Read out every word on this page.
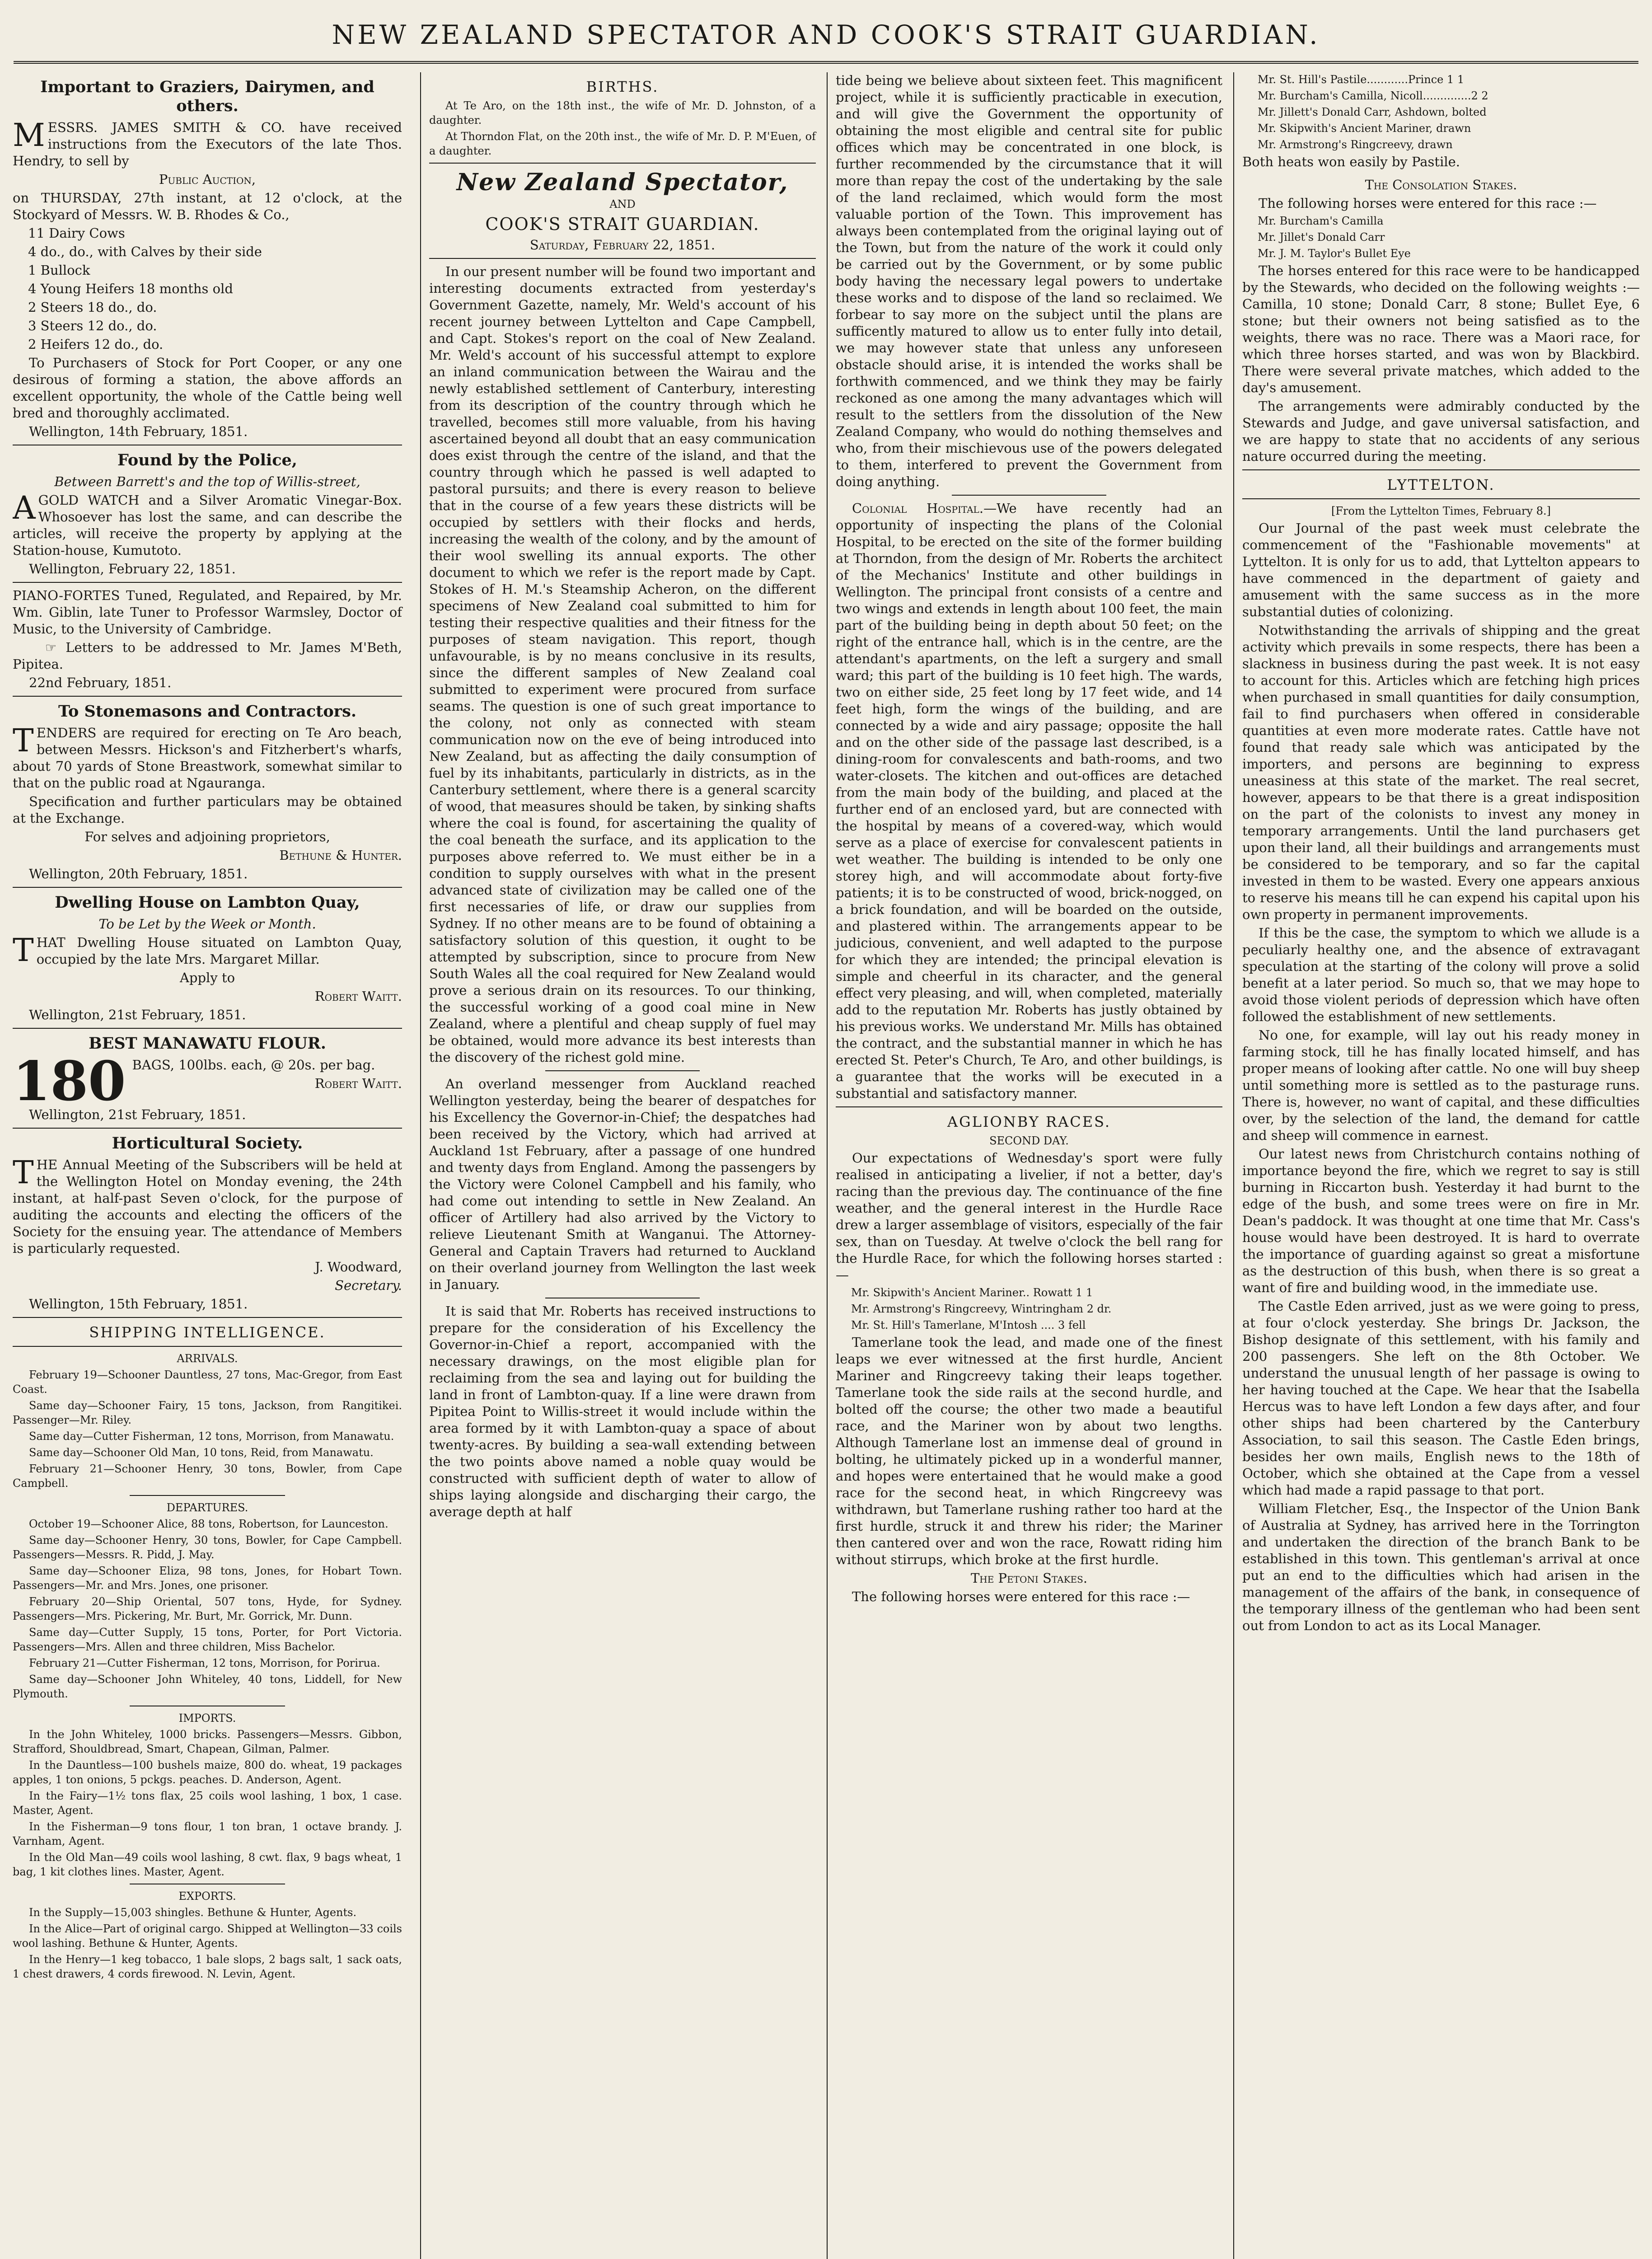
NEW ZEALAND SPECTATOR AND COOK'S STRAIT GUARDIAN.
Important to Graziers, Dairymen, and others.

MESSRS. JAMES SMITH & CO. have received instructions from the Executors of the late Thos. Hendry, to sell by

Public Auction,

on THURSDAY, 27th instant, at 12 o'clock, at the Stockyard of Messrs. W. B. Rhodes & Co.,

11 Dairy Cows

4 do., do., with Calves by their side

1 Bullock

4 Young Heifers 18 months old

2 Steers 18 do., do.

3 Steers 12 do., do.

2 Heifers 12 do., do.

To Purchasers of Stock for Port Cooper, or any one desirous of forming a station, the above affords an excellent opportunity, the whole of the Cattle being well bred and thoroughly acclimated.

Wellington, 14th February, 1851.

Found by the Police,

Between Barrett's and the top of Willis-street,

AGOLD WATCH and a Silver Aromatic Vinegar-Box. Whosoever has lost the same, and can describe the articles, will receive the property by applying at the Station-house, Kumutoto.

Wellington, February 22, 1851.

PIANO-FORTES Tuned, Regulated, and Repaired, by Mr. Wm. Giblin, late Tuner to Professor Warmsley, Doctor of Music, to the University of Cambridge.

☞ Letters to be addressed to Mr. James M'Beth, Pipitea.

22nd February, 1851.

To Stonemasons and Contractors.

TENDERS are required for erecting on Te Aro beach, between Messrs. Hickson's and Fitzherbert's wharfs, about 70 yards of Stone Breastwork, somewhat similar to that on the public road at Ngauranga.

Specification and further particulars may be obtained at the Exchange.

For selves and adjoining proprietors,

Bethune & Hunter.

Wellington, 20th February, 1851.

Dwelling House on Lambton Quay,

To be Let by the Week or Month.

THAT Dwelling House situated on Lambton Quay, occupied by the late Mrs. Margaret Millar.

Apply to

Robert Waitt.

Wellington, 21st February, 1851.

BEST MANAWATU FLOUR.

180 BAGS, 100lbs. each, @ 20s. per bag.

Robert Waitt.

Wellington, 21st February, 1851.

Horticultural Society.

THE Annual Meeting of the Subscribers will be held at the Wellington Hotel on Monday evening, the 24th instant, at half-past Seven o'clock, for the purpose of auditing the accounts and electing the officers of the Society for the ensuing year. The attendance of Members is particularly requested.

J. Woodward,

Secretary.

Wellington, 15th February, 1851.

SHIPPING INTELLIGENCE.

ARRIVALS.

February 19—Schooner Dauntless, 27 tons, Mac-Gregor, from East Coast.

Same day—Schooner Fairy, 15 tons, Jackson, from Rangitikei. Passenger—Mr. Riley.

Same day—Cutter Fisherman, 12 tons, Morrison, from Manawatu.

Same day—Schooner Old Man, 10 tons, Reid, from Manawatu.

February 21—Schooner Henry, 30 tons, Bowler, from Cape Campbell.

DEPARTURES.

October 19—Schooner Alice, 88 tons, Robertson, for Launceston.

Same day—Schooner Henry, 30 tons, Bowler, for Cape Campbell. Passengers—Messrs. R. Pidd, J. May.

Same day—Schooner Eliza, 98 tons, Jones, for Hobart Town. Passengers—Mr. and Mrs. Jones, one prisoner.

February 20—Ship Oriental, 507 tons, Hyde, for Sydney. Passengers—Mrs. Pickering, Mr. Burt, Mr. Gorrick, Mr. Dunn.

Same day—Cutter Supply, 15 tons, Porter, for Port Victoria. Passengers—Mrs. Allen and three children, Miss Bachelor.

February 21—Cutter Fisherman, 12 tons, Morrison, for Porirua.

Same day—Schooner John Whiteley, 40 tons, Liddell, for New Plymouth.

IMPORTS.

In the John Whiteley, 1000 bricks. Passengers—Messrs. Gibbon, Strafford, Shouldbread, Smart, Chapean, Gilman, Palmer.

In the Dauntless—100 bushels maize, 800 do. wheat, 19 packages apples, 1 ton onions, 5 pckgs. peaches. D. Anderson, Agent.

In the Fairy—1½ tons flax, 25 coils wool lashing, 1 box, 1 case. Master, Agent.

In the Fisherman—9 tons flour, 1 ton bran, 1 octave brandy. J. Varnham, Agent.

In the Old Man—49 coils wool lashing, 8 cwt. flax, 9 bags wheat, 1 bag, 1 kit clothes lines. Master, Agent.

EXPORTS.

In the Supply—15,003 shingles. Bethune & Hunter, Agents.

In the Alice—Part of original cargo. Shipped at Wellington—33 coils wool lashing. Bethune & Hunter, Agents.

In the Henry—1 keg tobacco, 1 bale slops, 2 bags salt, 1 sack oats, 1 chest drawers, 4 cords firewood. N. Levin, Agent.

BIRTHS.

At Te Aro, on the 18th inst., the wife of Mr. D. Johnston, of a daughter.

At Thorndon Flat, on the 20th inst., the wife of Mr. D. P. M'Euen, of a daughter.

New Zealand Spectator,

AND

COOK'S STRAIT GUARDIAN.

Saturday, February 22, 1851.

In our present number will be found two important and interesting documents extracted from yesterday's Government Gazette, namely, Mr. Weld's account of his recent journey between Lyttelton and Cape Campbell, and Capt. Stokes's report on the coal of New Zealand. Mr. Weld's account of his successful attempt to explore an inland communication between the Wairau and the newly established settlement of Canterbury, interesting from its description of the country through which he travelled, becomes still more valuable, from his having ascertained beyond all doubt that an easy communication does exist through the centre of the island, and that the country through which he passed is well adapted to pastoral pursuits; and there is every reason to believe that in the course of a few years these districts will be occupied by settlers with their flocks and herds, increasing the wealth of the colony, and by the amount of their wool swelling its annual exports. The other document to which we refer is the report made by Capt. Stokes of H. M.'s Steamship Acheron, on the different specimens of New Zealand coal submitted to him for testing their respective qualities and their fitness for the purposes of steam navigation. This report, though unfavourable, is by no means conclusive in its results, since the different samples of New Zealand coal submitted to experiment were procured from surface seams. The question is one of such great importance to the colony, not only as connected with steam communication now on the eve of being introduced into New Zealand, but as affecting the daily consumption of fuel by its inhabitants, particularly in districts, as in the Canterbury settlement, where there is a general scarcity of wood, that measures should be taken, by sinking shafts where the coal is found, for ascertaining the quality of the coal beneath the surface, and its application to the purposes above referred to. We must either be in a condition to supply ourselves with what in the present advanced state of civilization may be called one of the first necessaries of life, or draw our supplies from Sydney. If no other means are to be found of obtaining a satisfactory solution of this question, it ought to be attempted by subscription, since to procure from New South Wales all the coal required for New Zealand would prove a serious drain on its resources. To our thinking, the successful working of a good coal mine in New Zealand, where a plentiful and cheap supply of fuel may be obtained, would more advance its best interests than the discovery of the richest gold mine.

An overland messenger from Auckland reached Wellington yesterday, being the bearer of despatches for his Excellency the Governor-in-Chief; the despatches had been received by the Victory, which had arrived at Auckland 1st February, after a passage of one hundred and twenty days from England. Among the passengers by the Victory were Colonel Campbell and his family, who had come out intending to settle in New Zealand. An officer of Artillery had also arrived by the Victory to relieve Lieutenant Smith at Wanganui. The Attorney-General and Captain Travers had returned to Auckland on their overland journey from Wellington the last week in January.

It is said that Mr. Roberts has received instructions to prepare for the consideration of his Excellency the Governor-in-Chief a report, accompanied with the necessary drawings, on the most eligible plan for reclaiming from the sea and laying out for building the land in front of Lambton-quay. If a line were drawn from Pipitea Point to Willis-street it would include within the area formed by it with Lambton-quay a space of about twenty-acres. By building a sea-wall extending between the two points above named a noble quay would be constructed with sufficient depth of water to allow of ships laying alongside and discharging their cargo, the average depth at half

tide being we believe about sixteen feet. This magnificent project, while it is sufficiently practicable in execution, and will give the Government the opportunity of obtaining the most eligible and central site for public offices which may be concentrated in one block, is further recommended by the circumstance that it will more than repay the cost of the undertaking by the sale of the land reclaimed, which would form the most valuable portion of the Town. This improvement has always been contemplated from the original laying out of the Town, but from the nature of the work it could only be carried out by the Government, or by some public body having the necessary legal powers to undertake these works and to dispose of the land so reclaimed. We forbear to say more on the subject until the plans are sufficently matured to allow us to enter fully into detail, we may however state that unless any unforeseen obstacle should arise, it is intended the works shall be forthwith commenced, and we think they may be fairly reckoned as one among the many advantages which will result to the settlers from the dissolution of the New Zealand Company, who would do nothing themselves and who, from their mischievous use of the powers delegated to them, interfered to prevent the Government from doing anything.

Colonial Hospital.—We have recently had an opportunity of inspecting the plans of the Colonial Hospital, to be erected on the site of the former building at Thorndon, from the design of Mr. Roberts the architect of the Mechanics' Institute and other buildings in Wellington. The principal front consists of a centre and two wings and extends in length about 100 feet, the main part of the building being in depth about 50 feet; on the right of the entrance hall, which is in the centre, are the attendant's apartments, on the left a surgery and small ward; this part of the building is 10 feet high. The wards, two on either side, 25 feet long by 17 feet wide, and 14 feet high, form the wings of the building, and are connected by a wide and airy passage; opposite the hall and on the other side of the passage last described, is a dining-room for convalescents and bath-rooms, and two water-closets. The kitchen and out-offices are detached from the main body of the building, and placed at the further end of an enclosed yard, but are connected with the hospital by means of a covered-way, which would serve as a place of exercise for convalescent patients in wet weather. The building is intended to be only one storey high, and will accommodate about forty-five patients; it is to be constructed of wood, brick-nogged, on a brick foundation, and will be boarded on the outside, and plastered within. The arrangements appear to be judicious, convenient, and well adapted to the purpose for which they are intended; the principal elevation is simple and cheerful in its character, and the general effect very pleasing, and will, when completed, materially add to the reputation Mr. Roberts has justly obtained by his previous works. We understand Mr. Mills has obtained the contract, and the substantial manner in which he has erected St. Peter's Church, Te Aro, and other buildings, is a guarantee that the works will be executed in a substantial and satisfactory manner.

AGLIONBY RACES.

SECOND DAY.

Our expectations of Wednesday's sport were fully realised in anticipating a livelier, if not a better, day's racing than the previous day. The continuance of the fine weather, and the general interest in the Hurdle Race drew a larger assemblage of visitors, especially of the fair sex, than on Tuesday. At twelve o'clock the bell rang for the Hurdle Race, for which the following horses started :—

Mr. Skipwith's Ancient Mariner.. Rowatt 1 1

Mr. Armstrong's Ringcreevy, Wintringham 2 dr.

Mr. St. Hill's Tamerlane, M'Intosh .... 3 fell

Tamerlane took the lead, and made one of the finest leaps we ever witnessed at the first hurdle, Ancient Mariner and Ringcreevy taking their leaps together. Tamerlane took the side rails at the second hurdle, and bolted off the course; the other two made a beautiful race, and the Mariner won by about two lengths. Although Tamerlane lost an immense deal of ground in bolting, he ultimately picked up in a wonderful manner, and hopes were entertained that he would make a good race for the second heat, in which Ringcreevy was withdrawn, but Tamerlane rushing rather too hard at the first hurdle, struck it and threw his rider; the Mariner then cantered over and won the race, Rowatt riding him without stirrups, which broke at the first hurdle.

The Petoni Stakes.

The following horses were entered for this race :—

Mr. St. Hill's Pastile............Prince 1 1

Mr. Burcham's Camilla, Nicoll..............2 2

Mr. Jillett's Donald Carr, Ashdown, bolted

Mr. Skipwith's Ancient Mariner, drawn

Mr. Armstrong's Ringcreevy, drawn

Both heats won easily by Pastile.

The Consolation Stakes.

The following horses were entered for this race :—

Mr. Burcham's Camilla

Mr. Jillet's Donald Carr

Mr. J. M. Taylor's Bullet Eye

The horses entered for this race were to be handicapped by the Stewards, who decided on the following weights :—Camilla, 10 stone; Donald Carr, 8 stone; Bullet Eye, 6 stone; but their owners not being satisfied as to the weights, there was no race. There was a Maori race, for which three horses started, and was won by Blackbird. There were several private matches, which added to the day's amusement.

The arrangements were admirably conducted by the Stewards and Judge, and gave universal satisfaction, and we are happy to state that no accidents of any serious nature occurred during the meeting.

LYTTELTON.

[From the Lyttelton Times, February 8.]

Our Journal of the past week must celebrate the commencement of the "Fashionable movements" at Lyttelton. It is only for us to add, that Lyttelton appears to have commenced in the department of gaiety and amusement with the same success as in the more substantial duties of colonizing.

Notwithstanding the arrivals of shipping and the great activity which prevails in some respects, there has been a slackness in business during the past week. It is not easy to account for this. Articles which are fetching high prices when purchased in small quantities for daily consumption, fail to find purchasers when offered in considerable quantities at even more moderate rates. Cattle have not found that ready sale which was anticipated by the importers, and persons are beginning to express uneasiness at this state of the market. The real secret, however, appears to be that there is a great indisposition on the part of the colonists to invest any money in temporary arrangements. Until the land purchasers get upon their land, all their buildings and arrangements must be considered to be temporary, and so far the capital invested in them to be wasted. Every one appears anxious to reserve his means till he can expend his capital upon his own property in permanent improvements.

If this be the case, the symptom to which we allude is a peculiarly healthy one, and the absence of extravagant speculation at the starting of the colony will prove a solid benefit at a later period. So much so, that we may hope to avoid those violent periods of depression which have often followed the establishment of new settlements.

No one, for example, will lay out his ready money in farming stock, till he has finally located himself, and has proper means of looking after cattle. No one will buy sheep until something more is settled as to the pasturage runs. There is, however, no want of capital, and these difficulties over, by the selection of the land, the demand for cattle and sheep will commence in earnest.

Our latest news from Christchurch contains nothing of importance beyond the fire, which we regret to say is still burning in Riccarton bush. Yesterday it had burnt to the edge of the bush, and some trees were on fire in Mr. Dean's paddock. It was thought at one time that Mr. Cass's house would have been destroyed. It is hard to overrate the importance of guarding against so great a misfortune as the destruction of this bush, when there is so great a want of fire and building wood, in the immediate use.

The Castle Eden arrived, just as we were going to press, at four o'clock yesterday. She brings Dr. Jackson, the Bishop designate of this settlement, with his family and 200 passengers. She left on the 8th October. We understand the unusual length of her passage is owing to her having touched at the Cape. We hear that the Isabella Hercus was to have left London a few days after, and four other ships had been chartered by the Canterbury Association, to sail this season. The Castle Eden brings, besides her own mails, English news to the 18th of October, which she obtained at the Cape from a vessel which had made a rapid passage to that port.

William Fletcher, Esq., the Inspector of the Union Bank of Australia at Sydney, has arrived here in the Torrington and undertaken the direction of the branch Bank to be established in this town. This gentleman's arrival at once put an end to the difficulties which had arisen in the management of the affairs of the bank, in consequence of the temporary illness of the gentleman who had been sent out from London to act as its Local Manager.
